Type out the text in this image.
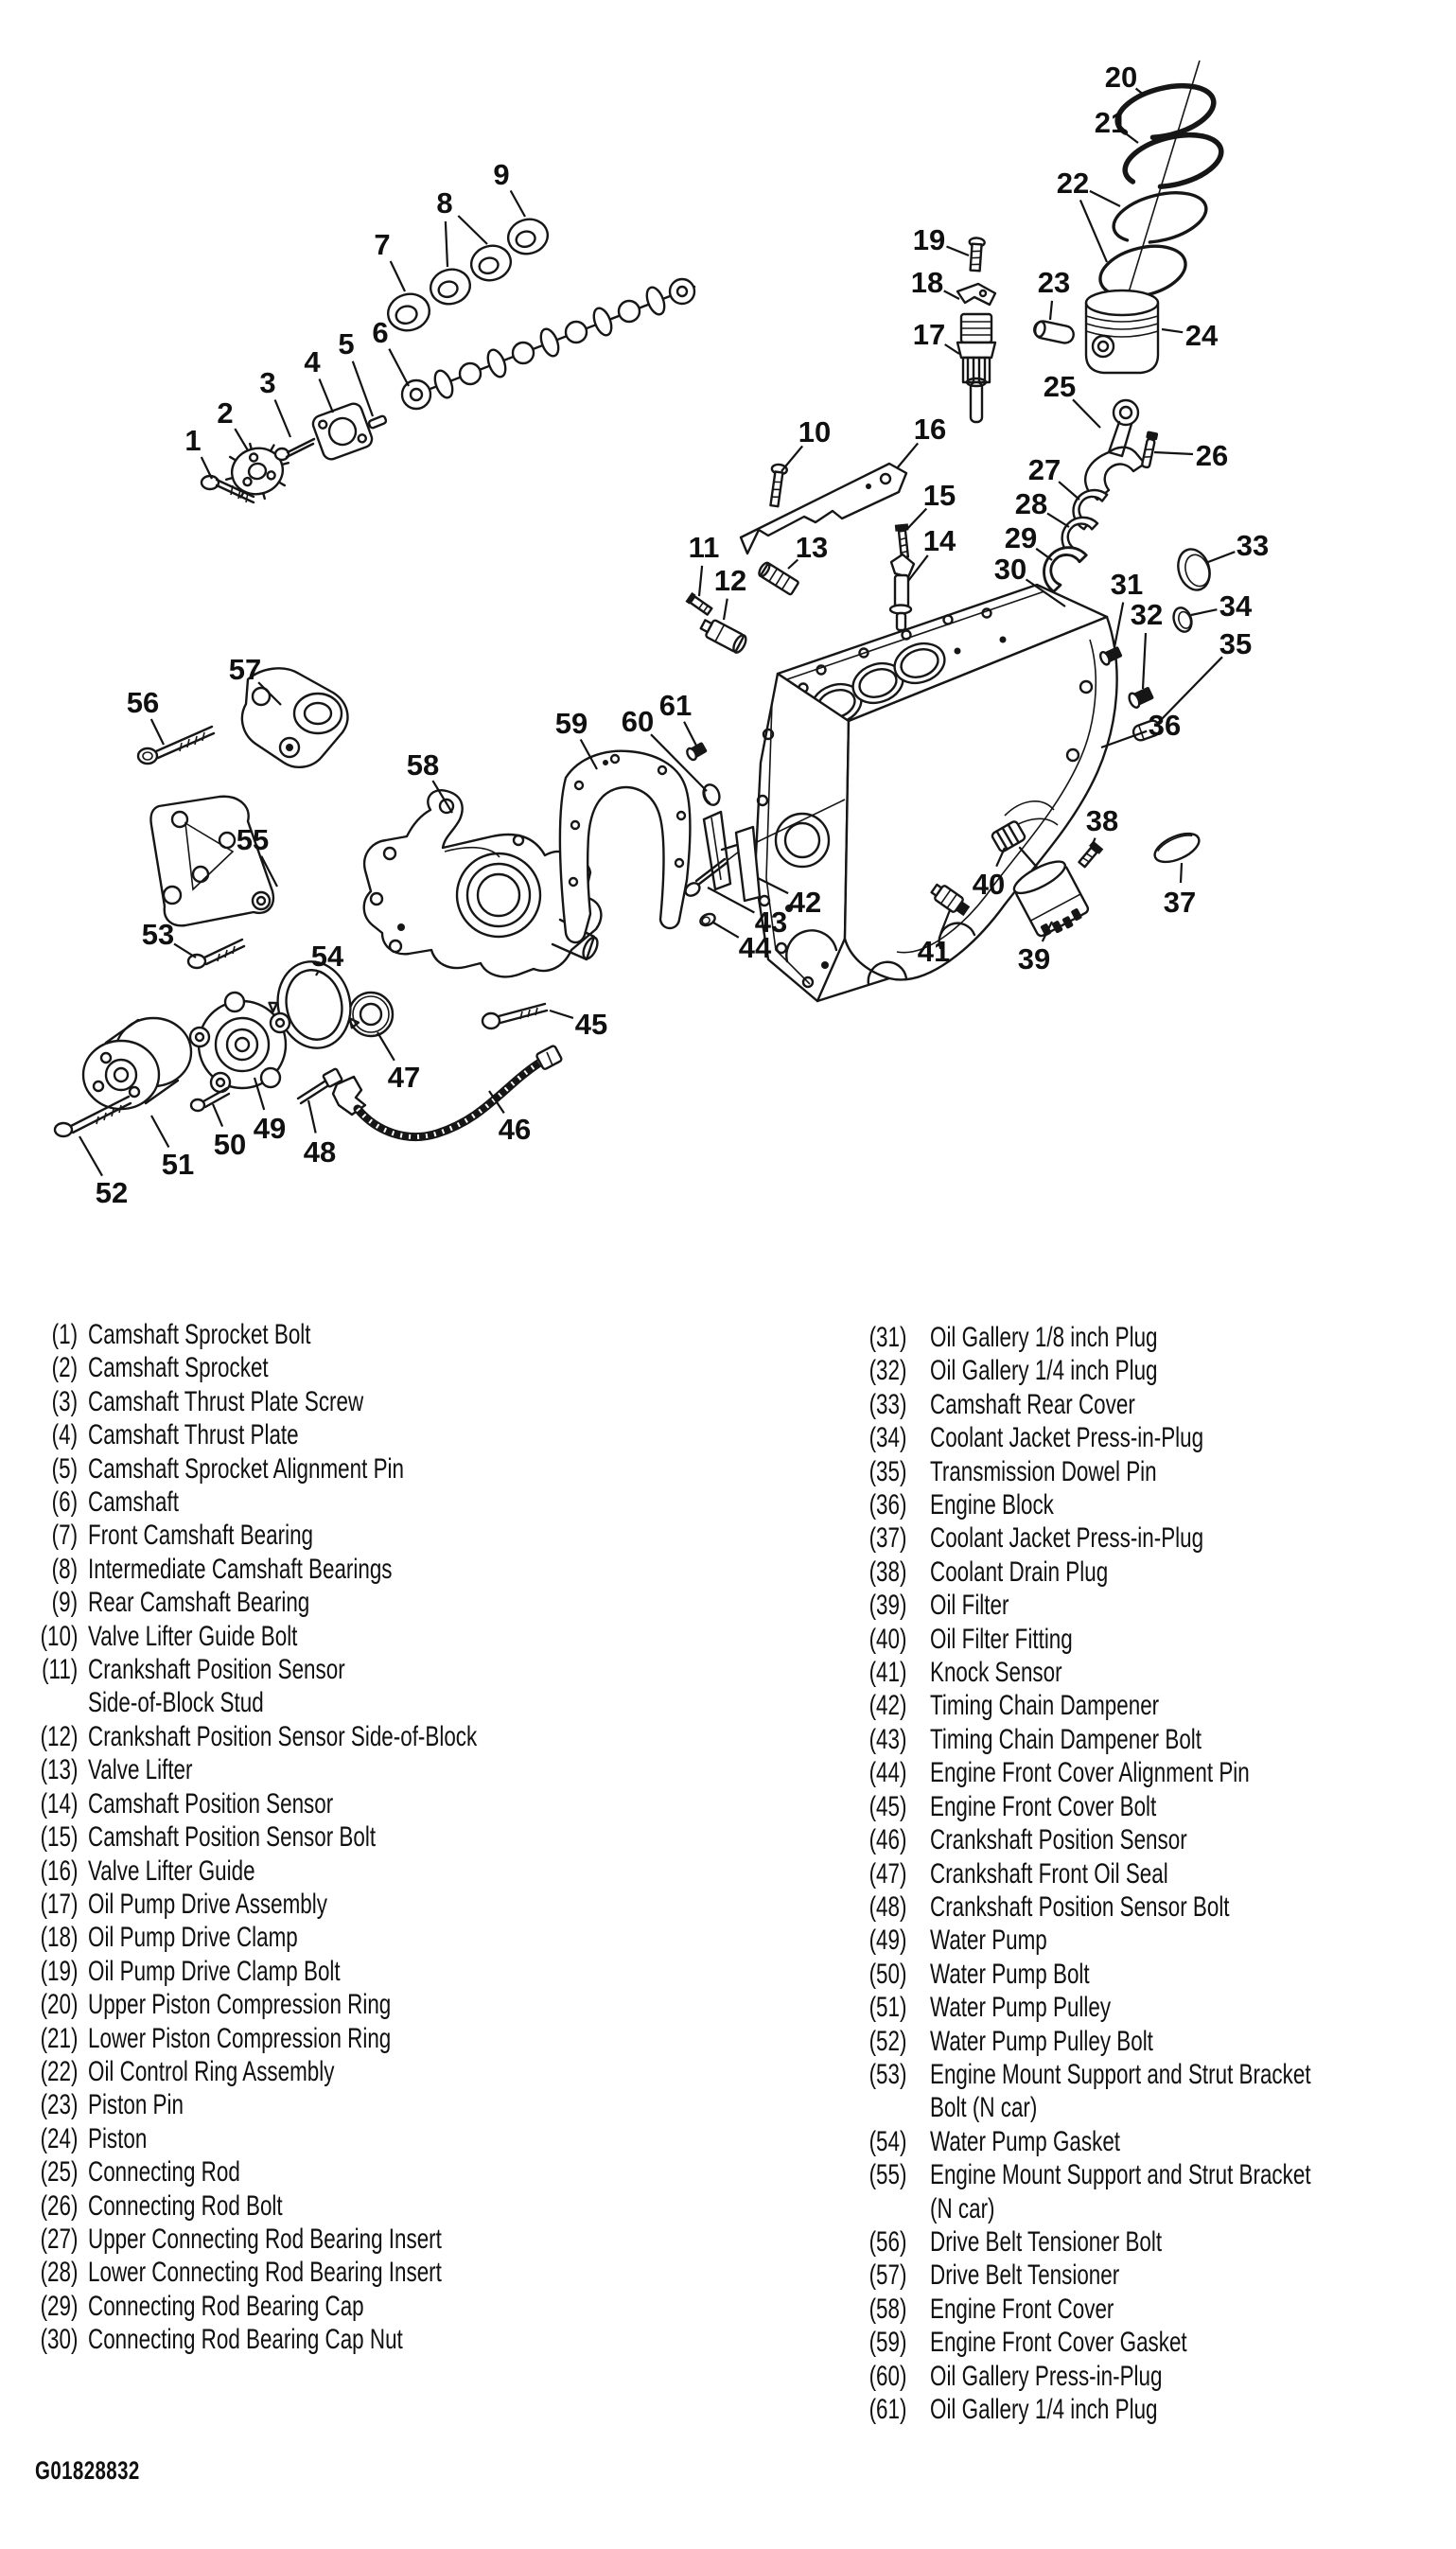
1
2
3
4
5 6
7
8
9
10
11
12
13	14
15
16
17
18
19
20
21
22
23
24
25
26
27
28
29
30	31
32
33
34
35
36
37
38
39
40
41
42
43
44
45
46
47
48
49
50
51
52
53
54
55
56
57
58
59 60 61
(1) Camshaft Sprocket Bolt
(2) Camshaft Sprocket
(3) Camshaft Thrust Plate Screw
(4) Camshaft Thrust Plate
(5) Camshaft Sprocket Alignment Pin
(6) Camshaft
(7) Front Camshaft Bearing
(8) Intermediate Camshaft Bearings
(9) Rear Camshaft Bearing
(10) Valve Lifter Guide Bolt
(11) Crankshaft Position Sensor
Side-of-Block Stud
(12) Crankshaft Position Sensor Side-of-Block
(13) Valve Lifter
(14) Camshaft Position Sensor
(15) Camshaft Position Sensor Bolt
(16) Valve Lifter Guide
(17) Oil Pump Drive Assembly
(18) Oil Pump Drive Clamp
(19) Oil Pump Drive Clamp Bolt
(20) Upper Piston Compression Ring
(21) Lower Piston Compression Ring
(22) Oil Control Ring Assembly
(23) Piston Pin
(24) Piston
(25) Connecting Rod
(26) Connecting Rod Bolt
(27) Upper Connecting Rod Bearing Insert
(28) Lower Connecting Rod Bearing Insert
(29) Connecting Rod Bearing Cap
(30) Connecting Rod Bearing Cap Nut
(31) Oil Gallery 1/8 inch Plug
(32) Oil Gallery 1/4 inch Plug
(33) Camshaft Rear Cover
(34) Coolant Jacket Press-in-Plug
(35) Transmission Dowel Pin
(36) Engine Block
(37) Coolant Jacket Press-in-Plug
(38) Coolant Drain Plug
(39) Oil Filter
(40) Oil Filter Fitting
(41) Knock Sensor
(42) Timing Chain Dampener
(43) Timing Chain Dampener Bolt
(44) Engine Front Cover Alignment Pin
(45) Engine Front Cover Bolt
(46) Crankshaft Position Sensor
(47) Crankshaft Front Oil Seal
(48) Crankshaft Position Sensor Bolt
(49) Water Pump
(50) Water Pump Bolt
(51) Water Pump Pulley
(52) Water Pump Pulley Bolt
(53) Engine Mount Support and Strut Bracket
Bolt (N car)
(54) Water Pump Gasket
(55) Engine Mount Support and Strut Bracket
(N car)
(56) Drive Belt Tensioner Bolt
(57) Drive Belt Tensioner
(58) Engine Front Cover
(59) Engine Front Cover Gasket
(60) Oil Gallery Press-in-Plug
(61) Oil Gallery 1/4 inch Plug
G01828832
